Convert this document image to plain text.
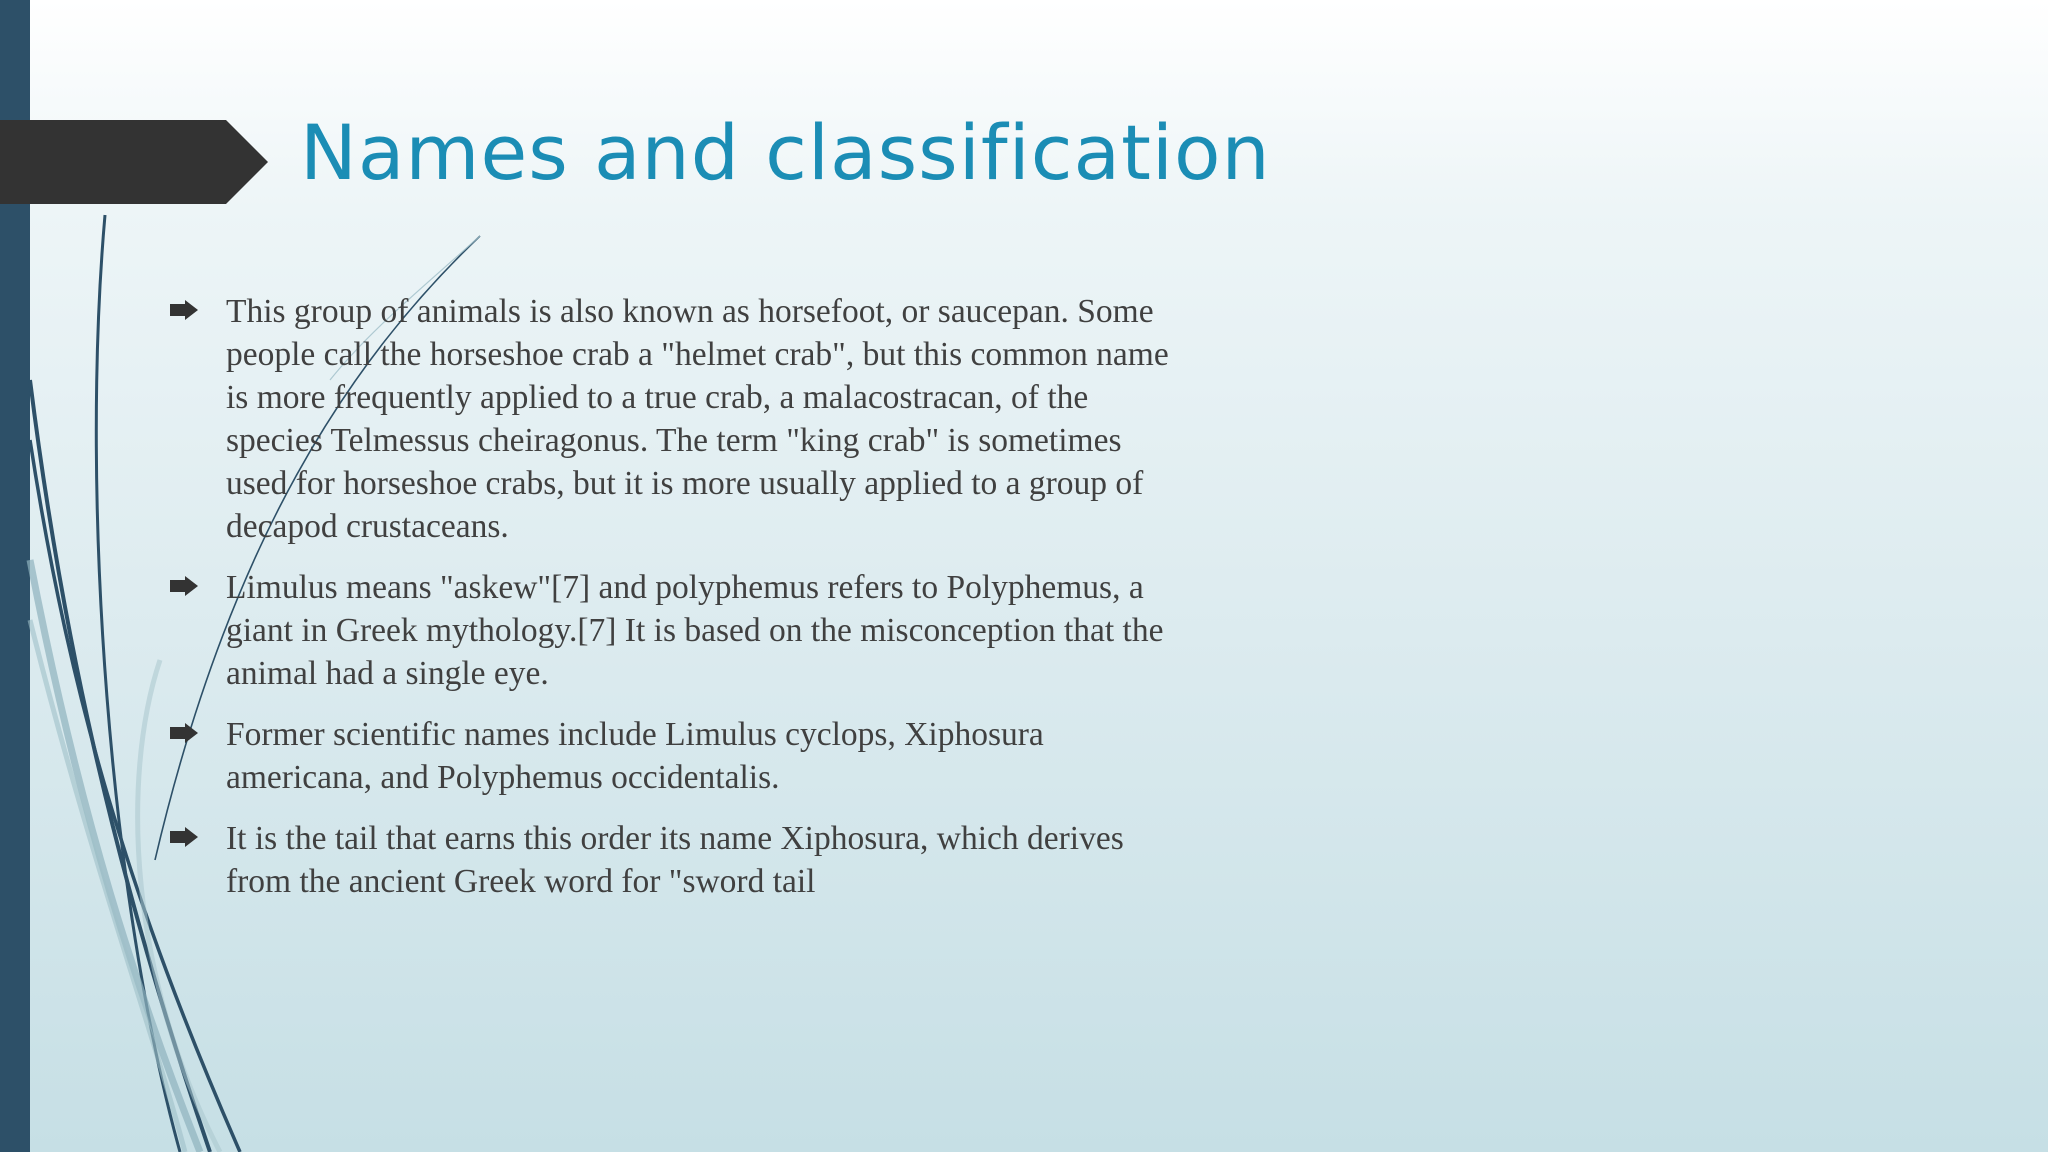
Names and classification
This group of animals is also known as horsefoot, or saucepan. Some people call the horseshoe crab a "helmet crab", but this common name is more frequently applied to a true crab, a malacostracan, of the species Telmessus cheiragonus. The term "king crab" is sometimes used for horseshoe crabs, but it is more usually applied to a group of decapod crustaceans.
Limulus means "askew"[7] and polyphemus refers to Polyphemus, a giant in Greek mythology.[7] It is based on the misconception that the animal had a single eye.
Former scientific names include Limulus cyclops, Xiphosura americana, and Polyphemus occidentalis.
It is the tail that earns this order its name Xiphosura, which derives from the ancient Greek word for "sword tail
